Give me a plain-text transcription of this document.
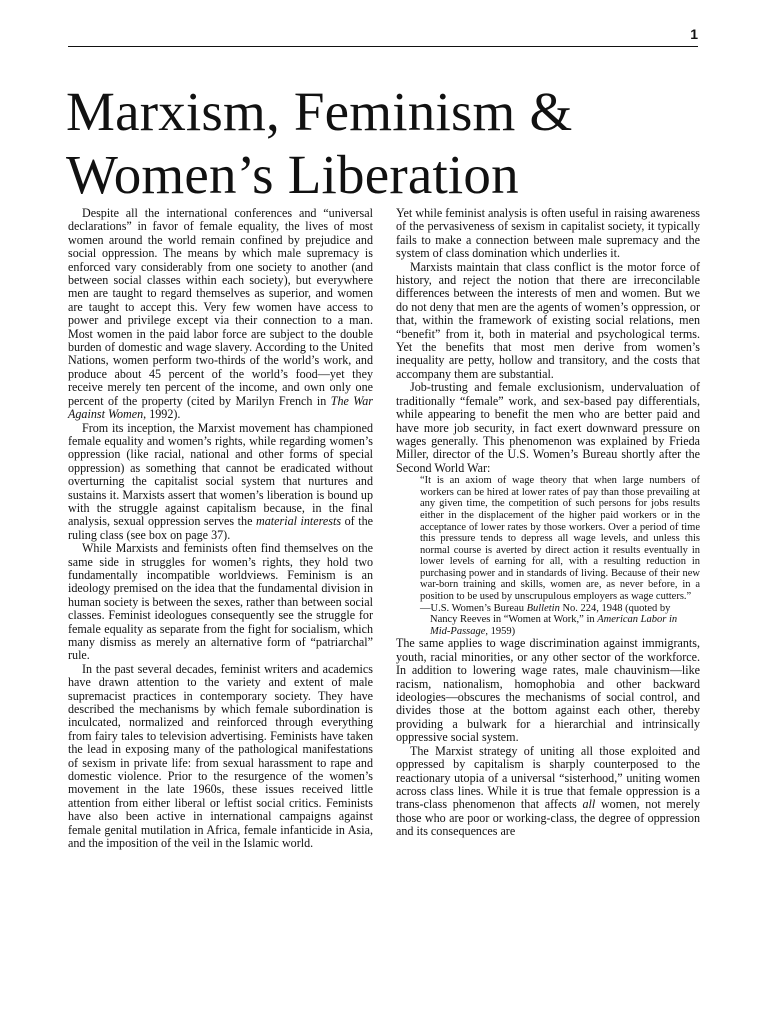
1
Marxism, Feminism &
Women’s Liberation

Despite all the international conferences and “universal declarations” in favor of female equality, the lives of most women around the world remain confined by prejudice and social oppression. The means by which male supremacy is enforced vary considerably from one society to another (and between social classes within each society), but everywhere men are taught to regard themselves as superior, and women are taught to accept this. Very few women have access to power and privilege except via their connection to a man. Most women in the paid labor force are subject to the double burden of domestic and wage slavery. According to the United Nations, women perform two-thirds of the world’s work, and produce about 45 percent of the world’s food—yet they receive merely ten percent of the income, and own only one percent of the property (cited by Marilyn French in The War Against Women, 1992).

From its inception, the Marxist movement has championed female equality and women’s rights, while regarding women’s oppression (like racial, national and other forms of special oppression) as something that cannot be eradicated without overturning the capitalist social system that nurtures and sustains it. Marxists assert that women’s liberation is bound up with the struggle against capitalism because, in the final analysis, sexual oppression serves the material interests of the ruling class (see box on page 37).

While Marxists and feminists often find themselves on the same side in struggles for women’s rights, they hold two fundamentally incompatible worldviews. Feminism is an ideology premised on the idea that the fundamental division in human society is between the sexes, rather than between social classes. Feminist ideologues consequently see the struggle for female equality as separate from the fight for socialism, which many dismiss as merely an alternative form of “patriarchal” rule.

In the past several decades, feminist writers and academics have drawn attention to the variety and extent of male supremacist practices in contemporary society. They have described the mechanisms by which female subordination is inculcated, normalized and reinforced through everything from fairy tales to television advertising. Feminists have taken the lead in exposing many of the pathological manifestations of sexism in private life: from sexual harassment to rape and domestic violence. Prior to the resurgence of the women’s movement in the late 1960s, these issues received little attention from either liberal or leftist social critics. Feminists have also been active in international campaigns against female genital mutilation in Africa, female infanticide in Asia, and the imposition of the veil in the Islamic world.

Yet while feminist analysis is often useful in raising awareness of the pervasiveness of sexism in capitalist society, it typically fails to make a connection between male supremacy and the system of class domination which underlies it.

Marxists maintain that class conflict is the motor force of history, and reject the notion that there are irreconcilable differences between the interests of men and women. But we do not deny that men are the agents of women’s oppression, or that, within the framework of existing social relations, men “benefit” from it, both in material and psychological terms. Yet the benefits that most men derive from women’s inequality are petty, hollow and transitory, and the costs that accompany them are substantial.

Job-trusting and female exclusionism, undervaluation of traditionally “female” work, and sex-based pay differentials, while appearing to benefit the men who are better paid and have more job security, in fact exert downward pressure on wages generally. This phenomenon was explained by Frieda Miller, director of the U.S. Women’s Bureau shortly after the Second World War:

“It is an axiom of wage theory that when large numbers of workers can be hired at lower rates of pay than those prevailing at any given time, the competition of such persons for jobs results either in the displacement of the higher paid workers or in the acceptance of lower rates by those workers. Over a period of time this pressure tends to depress all wage levels, and unless this normal course is averted by direct action it results eventually in lower levels of earning for all, with a resulting reduction in purchasing power and in standards of living. Because of their new war-born training and skills, women are, as never before, in a position to be used by unscrupulous employers as wage cutters.”

—U.S. Women’s Bureau Bulletin No. 224, 1948 (quoted by Nancy Reeves in “Women at Work,” in American Labor in Mid-Passage, 1959)

The same applies to wage discrimination against immigrants, youth, racial minorities, or any other sector of the workforce. In addition to lowering wage rates, male chauvinism—like racism, nationalism, homophobia and other backward ideologies—obscures the mechanisms of social control, and divides those at the bottom against each other, thereby providing a bulwark for a hierarchial and intrinsically oppressive social system.

The Marxist strategy of uniting all those exploited and oppressed by capitalism is sharply counterposed to the reactionary utopia of a universal “sisterhood,” uniting women across class lines. While it is true that female oppression is a trans-class phenomenon that affects all women, not merely those who are poor or working-class, the degree of oppression and its consequences are
